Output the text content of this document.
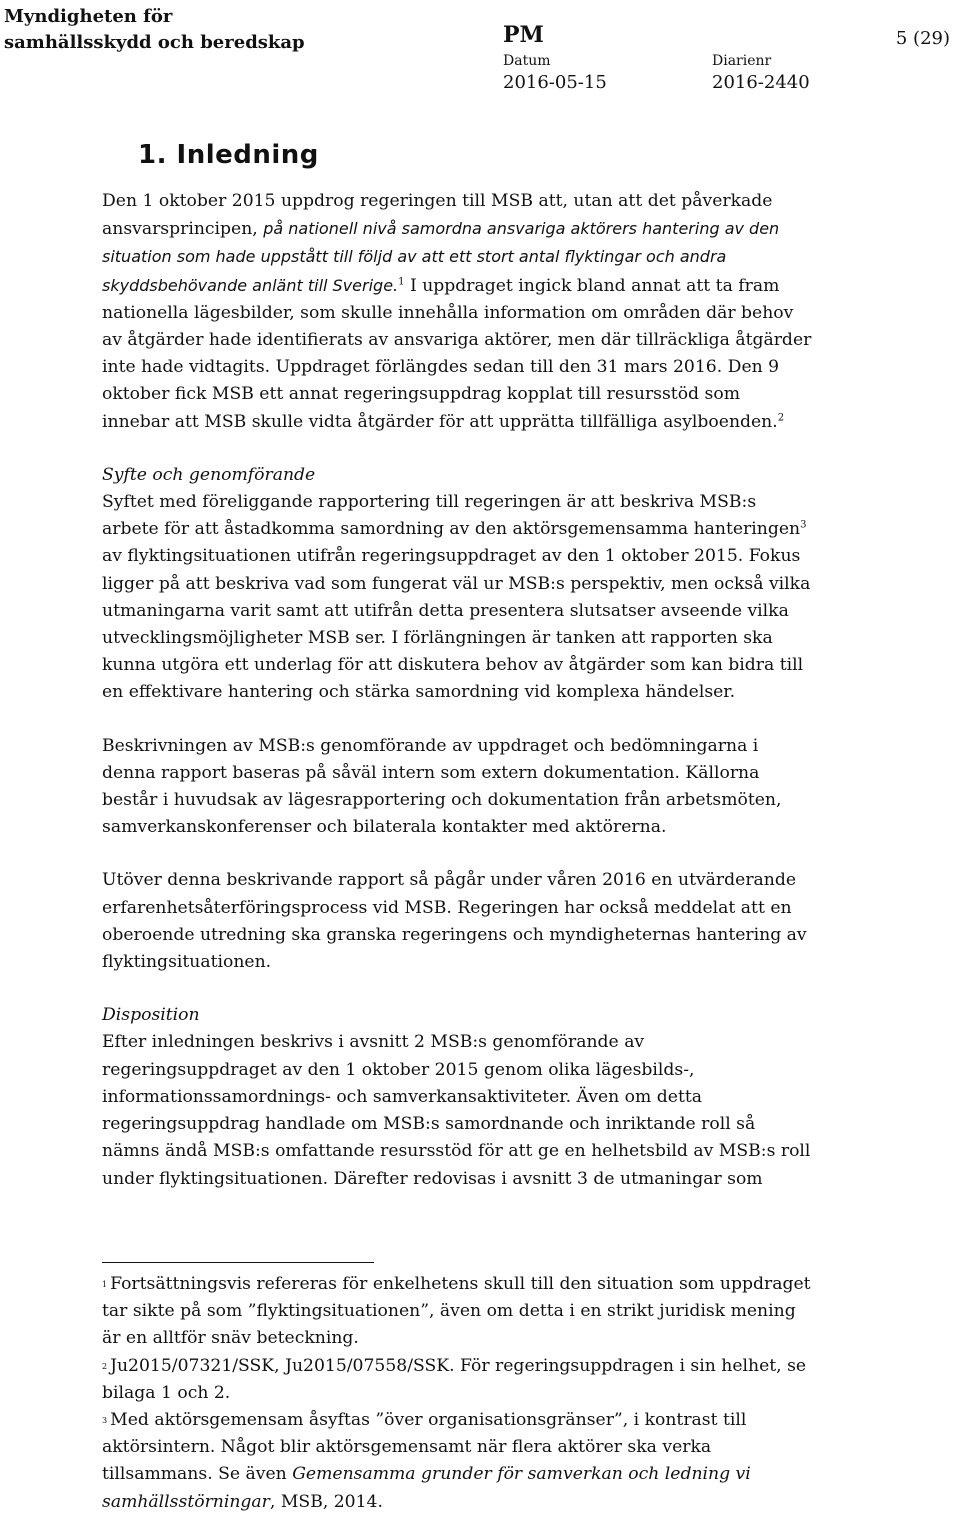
Myndigheten för
samhällsskydd och beredskap	PM	5 (29)
Datum
2016-05-15
Diarienr
2016-2440
1. Inledning

Den 1 oktober 2015 uppdrog regeringen till MSB att, utan att det påverkade ansvarsprincipen, på nationell nivå samordna ansvariga aktörers hantering av den situation som hade uppstått till följd av att ett stort antal flyktingar och andra skyddsbehövande anlänt till Sverige.$^1$ I uppdraget ingick bland annat att ta fram nationella lägesbilder, som skulle innehålla information om områden där behov av åtgärder hade identifierats av ansvariga aktörer, men där tillräckliga åtgärder inte hade vidtagits. Uppdraget förlängdes sedan till den 31 mars 2016. Den 9 oktober fick MSB ett annat regeringsuppdrag kopplat till resursstöd som innebar att MSB skulle vidta åtgärder för att upprätta tillfälliga asylboenden.$^2$

Syfte och genomförande

Syftet med föreliggande rapportering till regeringen är att beskriva MSB:s arbete för att åstadkomma samordning av den aktörsgemensamma hanteringen$^3$ av flyktingsituationen utifrån regeringsuppdraget av den 1 oktober 2015. Fokus ligger på att beskriva vad som fungerat väl ur MSB:s perspektiv, men också vilka utmaningarna varit samt att utifrån detta presentera slutsatser avseende vilka utvecklingsmöjligheter MSB ser. I förlängningen är tanken att rapporten ska kunna utgöra ett underlag för att diskutera behov av åtgärder som kan bidra till en effektivare hantering och stärka samordning vid komplexa händelser.

Beskrivningen av MSB:s genomförande av uppdraget och bedömningarna i denna rapport baseras på såväl intern som extern dokumentation. Källorna består i huvudsak av lägesrapportering och dokumentation från arbetsmöten, samverkanskonferenser och bilaterala kontakter med aktörerna.

Utöver denna beskrivande rapport så pågår under våren 2016 en utvärderande erfarenhetsåterföringsprocess vid MSB. Regeringen har också meddelat att en oberoende utredning ska granska regeringens och myndigheternas hantering av flyktingsituationen.

Disposition

Efter inledningen beskrivs i avsnitt 2 MSB:s genomförande av regeringsuppdraget av den 1 oktober 2015 genom olika lägesbilds-, informationssamordnings- och samverkansaktiviteter. Även om detta regeringsuppdrag handlade om MSB:s samordnande och inriktande roll så nämns ändå MSB:s omfattande resursstöd för att ge en helhetsbild av MSB:s roll under flyktingsituationen. Därefter redovisas i avsnitt 3 de utmaningar som

$^1$ Fortsättningsvis refereras för enkelhetens skull till den situation som uppdraget tar sikte på som ”flyktingsituationen”, även om detta i en strikt juridisk mening är en alltför snäv beteckning.

$^2$ Ju2015/07321/SSK, Ju2015/07558/SSK. För regeringsuppdragen i sin helhet, se bilaga 1 och 2.

$^3$ Med aktörsgemensam åsyftas ”över organisationsgränser”, i kontrast till aktörsintern. Något blir aktörsgemensamt när flera aktörer ska verka tillsammans. Se även Gemensamma grunder för samverkan och ledning vi samhällsstörningar, MSB, 2014.
